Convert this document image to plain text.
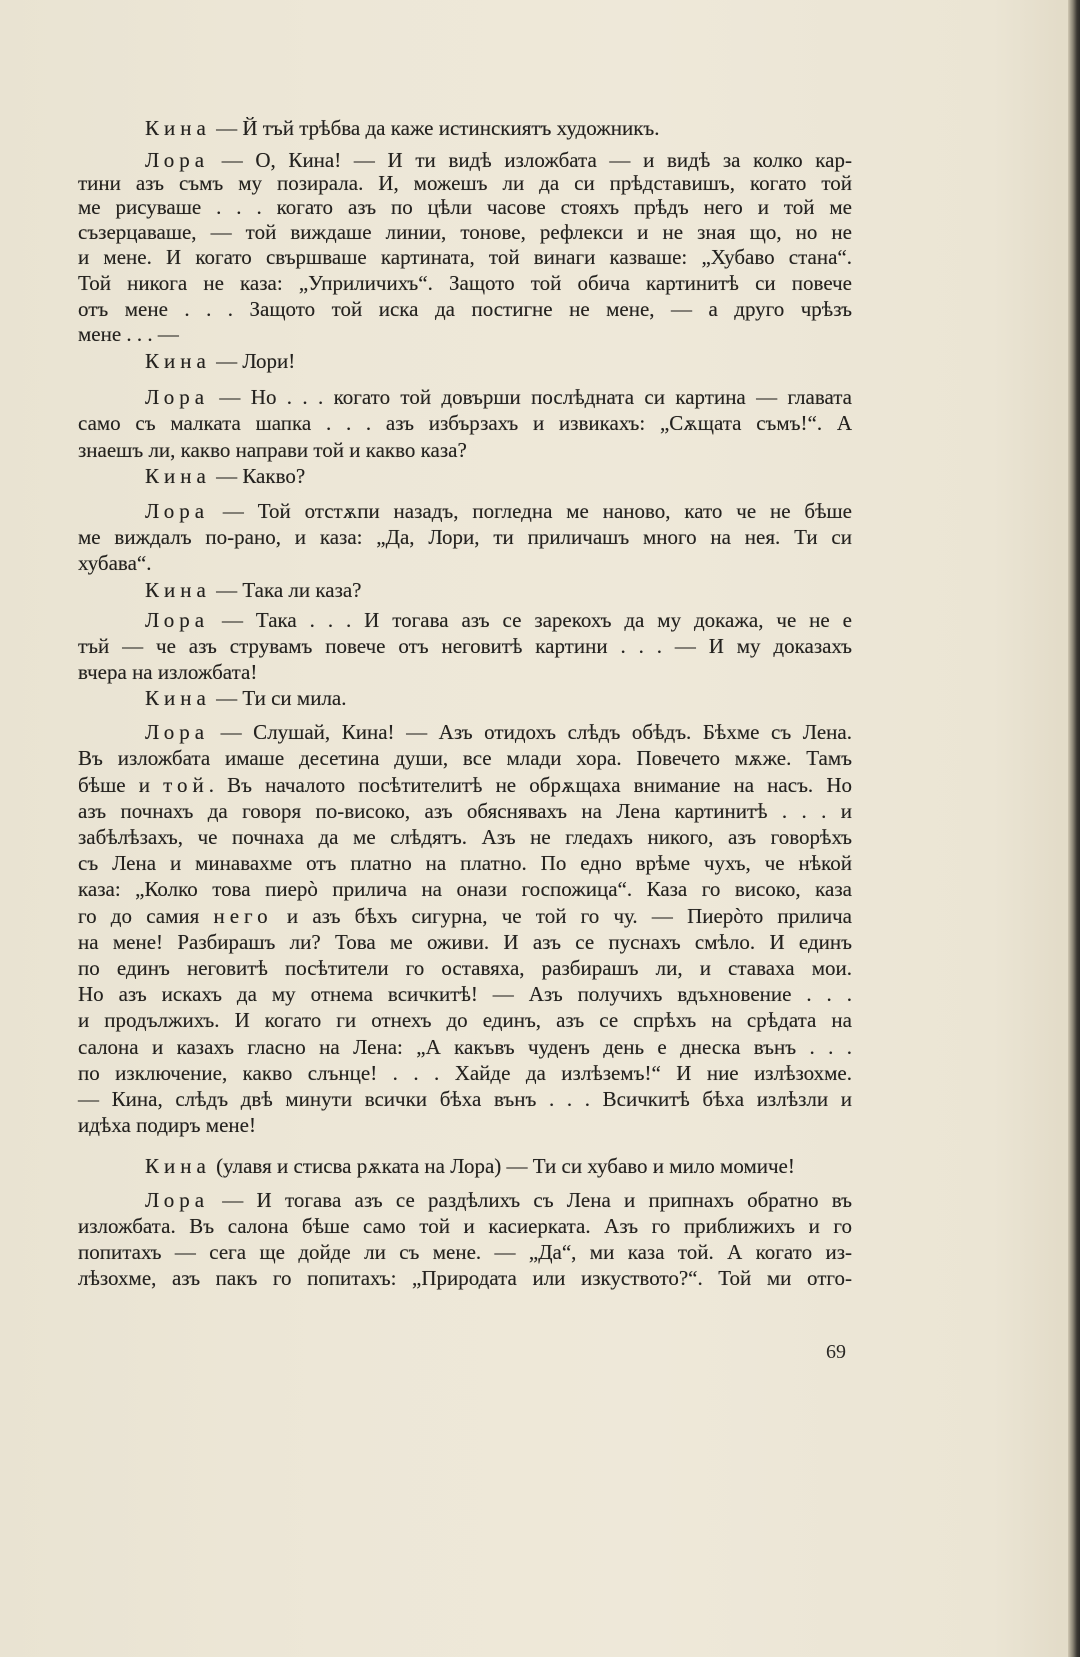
69
Кина — Й тъй трѣбва да каже истинскиятъ художникъ.
Лора — О, Кина! — И ти видѣ изложбата — и видѣ за колко кар-
тини азъ съмъ му позирала. И, можешъ ли да си прѣдставишъ, когато той
ме рисуваше . . . когато азъ по цѣли часове стояхъ прѣдъ него и той ме
съзерцаваше, — той виждаше линии, тонове, рефлекси и не зная що, но не
и мене. И когато свършваше картината, той винаги казваше: „Хубаво стана“.
Той никога не каза: „Уприличихъ“. Защото той обича картинитѣ си повече
отъ мене . . . Защото той иска да постигне не мене, — а друго чрѣзъ
мене . . . —
Кина — Лори!
Лора — Но . . . когато той довърши послѣдната си картина — главата
само съ малката шапка . . . азъ избързахъ и извикахъ: „Сѫщата съмъ!“. А
знаешъ ли, какво направи той и какво каза?
Кина — Какво?
Лора — Той отстѫпи назадъ, погледна ме наново, като че не бѣше
ме виждалъ по-рано, и каза: „Да, Лори, ти приличашъ много на нея. Ти си
хубава“.
Кина — Така ли каза?
Лора — Така . . . И тогава азъ се зарекохъ да му докажа, че не е
тъй — че азъ струвамъ повече отъ неговитѣ картини . . . — И му доказахъ
вчера на изложбата!
Кина — Ти си мила.
Лора — Слушай, Кина! — Азъ отидохъ слѣдъ обѣдъ. Бѣхме съ Лена.
Въ изложбата имаше десетина души, все млади хора. Повечето мѫже. Тамъ
бѣше и той. Въ началото посѣтителитѣ не обрѫщаха внимание на насъ. Но
азъ почнахъ да говоря по-високо, азъ обяснявахъ на Лена картинитѣ . . . и
забѣлѣзахъ, че почнаха да ме слѣдятъ. Азъ не гледахъ никого, азъ говорѣхъ
съ Лена и минавахме отъ платно на платно. По едно врѣме чухъ, че нѣкой
каза: „Колко това пиерò прилича на онази госпожица“. Каза го високо, каза
го до самия него и азъ бѣхъ сигурна, че той го чу. — Пиерòто прилича
на мене! Разбирашъ ли? Това ме оживи. И азъ се пуснахъ смѣло. И единъ
по единъ неговитѣ посѣтители го оставяха, разбирашъ ли, и ставаха мои.
Но азъ искахъ да му отнема всичкитѣ! — Азъ получихъ вдъхновение . . .
и продължихъ. И когато ги отнехъ до единъ, азъ се спрѣхъ на срѣдата на
салона и казахъ гласно на Лена: „А какъвъ чуденъ день е днеска вънъ . . .
по изключение, какво слънце! . . . Хайде да излѣземъ!“ И ние излѣзохме.
— Кина, слѣдъ двѣ минути всички бѣха вънъ . . . Всичкитѣ бѣха излѣзли и
идѣха подиръ мене!
Кина (улавя и стисва рѫката на Лора) — Ти си хубаво и мило момиче!
Лора — И тогава азъ се раздѣлихъ съ Лена и припнахъ обратно въ
изложбата. Въ салона бѣше само той и касиерката. Азъ го приближихъ и го
попитахъ — сега ще дойде ли съ мене. — „Да“, ми каза той. А когато из-
лѣзохме, азъ пакъ го попитахъ: „Природата или изкуството?“. Той ми отго-
